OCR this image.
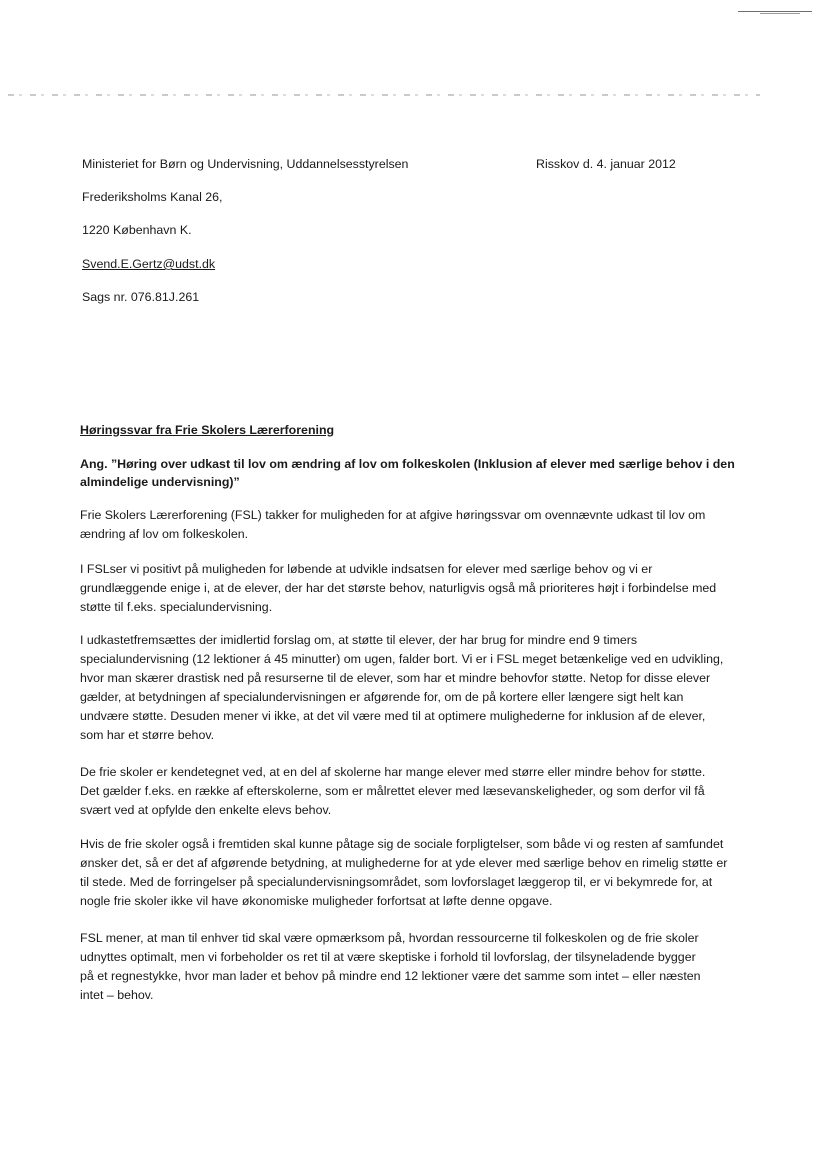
Ministeriet for Børn og Undervisning, Uddannelsesstyrelsen	Risskov d. 4. januar 2012
Frederiksholms Kanal 26,
1220 København K.
Svend.E.Gertz@udst.dk
Sags nr. 076.81J.261
Høringssvar fra Frie Skolers Lærerforening
Ang. ”Høring over udkast til lov om ændring af lov om folkeskolen (Inklusion af elever med særlige behov i den
almindelige undervisning)”
Frie Skolers Lærerforening (FSL) takker for muligheden for at afgive høringssvar om ovennævnte udkast til lov om
ændring af lov om folkeskolen.
I FSLser vi positivt på muligheden for løbende at udvikle indsatsen for elever med særlige behov og vi er
grundlæggende enige i, at de elever, der har det største behov, naturligvis også må prioriteres højt i forbindelse med
støtte til f.eks. specialundervisning.
I udkastetfremsættes der imidlertid forslag om, at støtte til elever, der har brug for mindre end 9 timers
specialundervisning (12 lektioner á 45 minutter) om ugen, falder bort. Vi er i FSL meget betænkelige ved en udvikling,
hvor man skærer drastisk ned på resurserne til de elever, som har et mindre behovfor støtte. Netop for disse elever
gælder, at betydningen af specialundervisningen er afgørende for, om de på kortere eller længere sigt helt kan
undvære støtte. Desuden mener vi ikke, at det vil være med til at optimere mulighederne for inklusion af de elever,
som har et større behov.
De frie skoler er kendetegnet ved, at en del af skolerne har mange elever med større eller mindre behov for støtte.
Det gælder f.eks. en række af efterskolerne, som er målrettet elever med læsevanskeligheder, og som derfor vil få
svært ved at opfylde den enkelte elevs behov.
Hvis de frie skoler også i fremtiden skal kunne påtage sig de sociale forpligtelser, som både vi og resten af samfundet
ønsker det, så er det af afgørende betydning, at mulighederne for at yde elever med særlige behov en rimelig støtte er
til stede. Med de forringelser på specialundervisningsområdet, som lovforslaget læggerop til, er vi bekymrede for, at
nogle frie skoler ikke vil have økonomiske muligheder forfortsat at løfte denne opgave.
FSL mener, at man til enhver tid skal være opmærksom på, hvordan ressourcerne til folkeskolen og de frie skoler
udnyttes optimalt, men vi forbeholder os ret til at være skeptiske i forhold til lovforslag, der tilsyneladende bygger
på et regnestykke, hvor man lader et behov på mindre end 12 lektioner være det samme som intet – eller næsten
intet – behov.
